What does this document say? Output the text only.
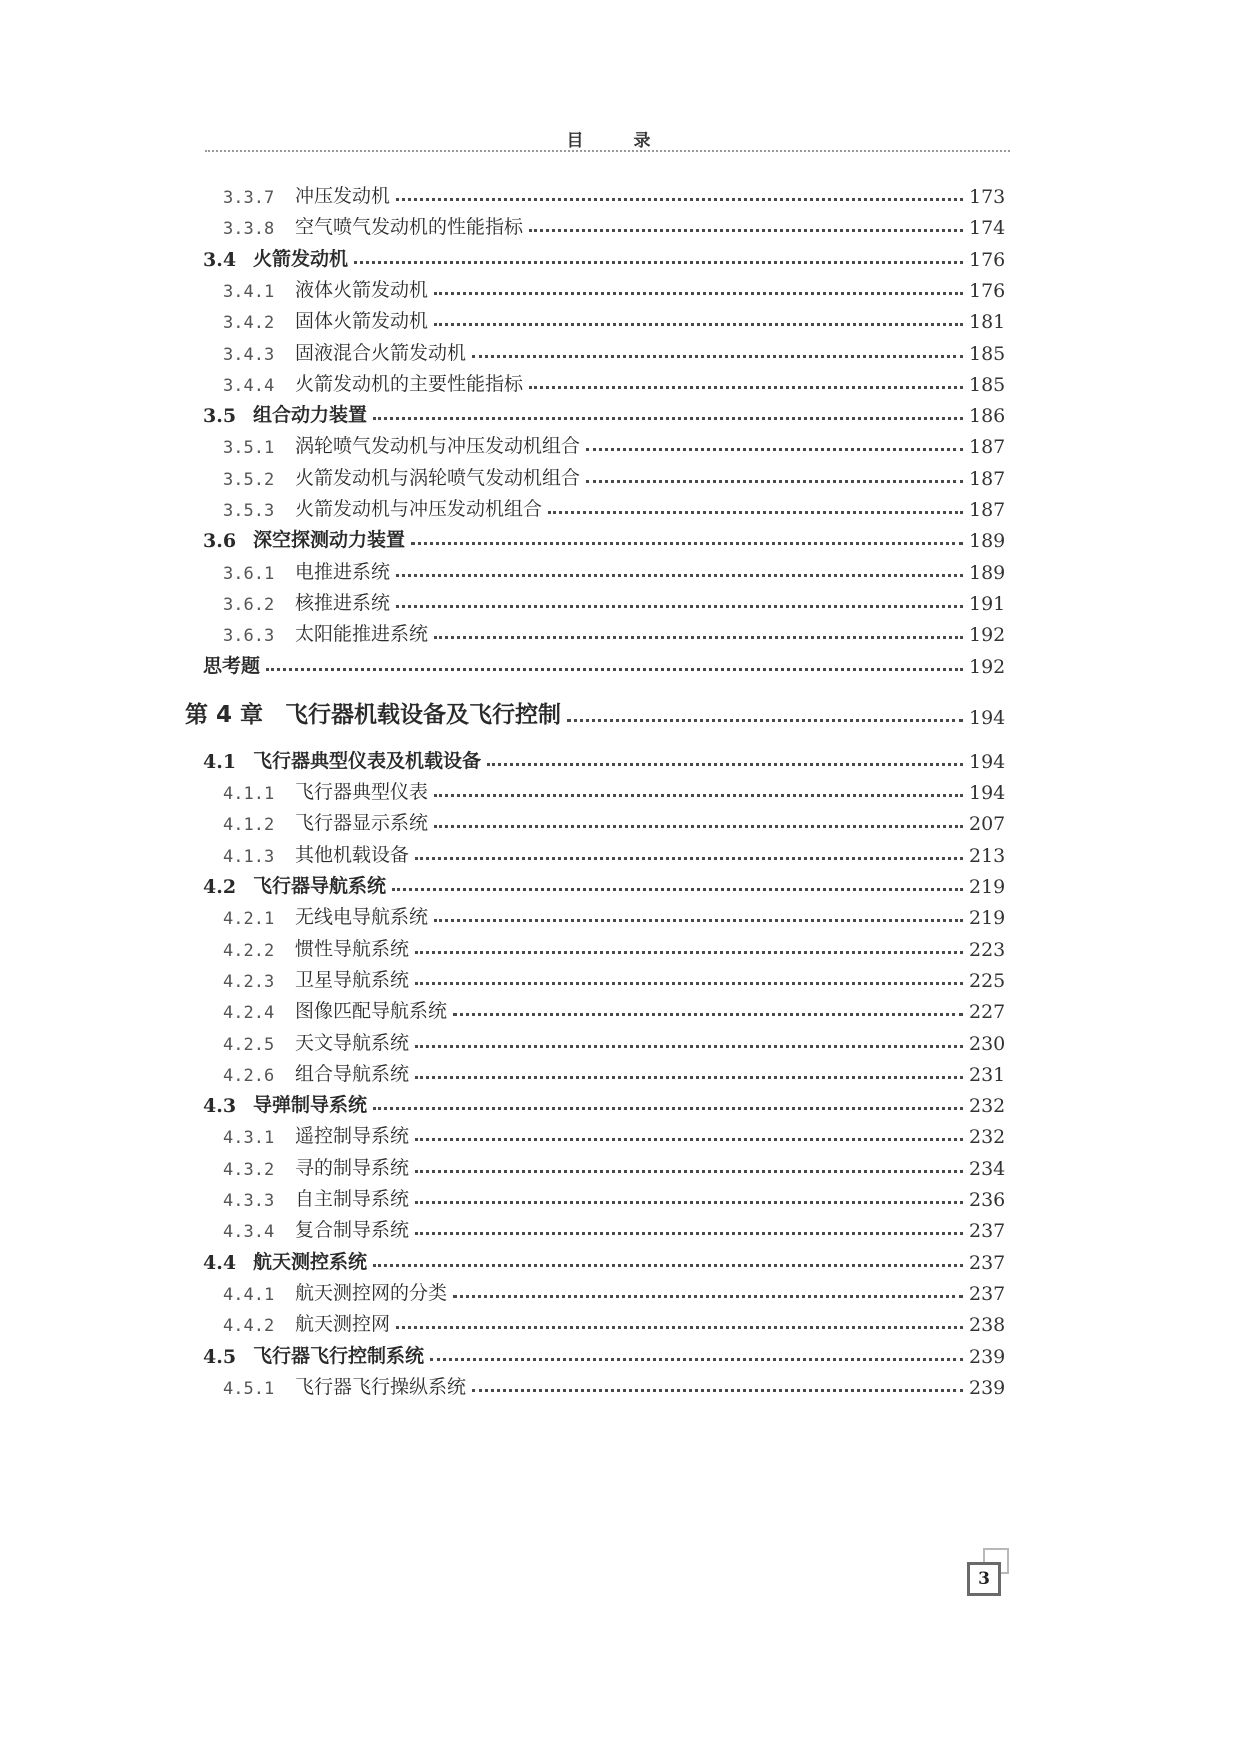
目 录
3.3.7	冲压发动机	173
3.3.8	空气喷气发动机的性能指标	174
3.4 火箭发动机	176
3.4.1	液体火箭发动机	176
3.4.2	固体火箭发动机	181
3.4.3	固液混合火箭发动机	185
3.4.4	火箭发动机的主要性能指标	185
3.5 组合动力装置	186
3.5.1	涡轮喷气发动机与冲压发动机组合	187
3.5.2	火箭发动机与涡轮喷气发动机组合	187
3.5.3	火箭发动机与冲压发动机组合	187
3.6 深空探测动力装置	189
3.6.1	电推进系统	189
3.6.2	核推进系统	191
3.6.3	太阳能推进系统	192
思考题	192
第 4 章 飞行器机载设备及飞行控制	194
4.1 飞行器典型仪表及机载设备	194
4.1.1	飞行器典型仪表	194
4.1.2	飞行器显示系统	207
4.1.3	其他机载设备	213
4.2 飞行器导航系统	219
4.2.1	无线电导航系统	219
4.2.2	惯性导航系统	223
4.2.3	卫星导航系统	225
4.2.4	图像匹配导航系统	227
4.2.5	天文导航系统	230
4.2.6	组合导航系统	231
4.3 导弹制导系统	232
4.3.1	遥控制导系统	232
4.3.2	寻的制导系统	234
4.3.3	自主制导系统	236
4.3.4	复合制导系统	237
4.4 航天测控系统	237
4.4.1	航天测控网的分类	237
4.4.2	航天测控网	238
4.5 飞行器飞行控制系统	239
4.5.1	飞行器飞行操纵系统	239
3
